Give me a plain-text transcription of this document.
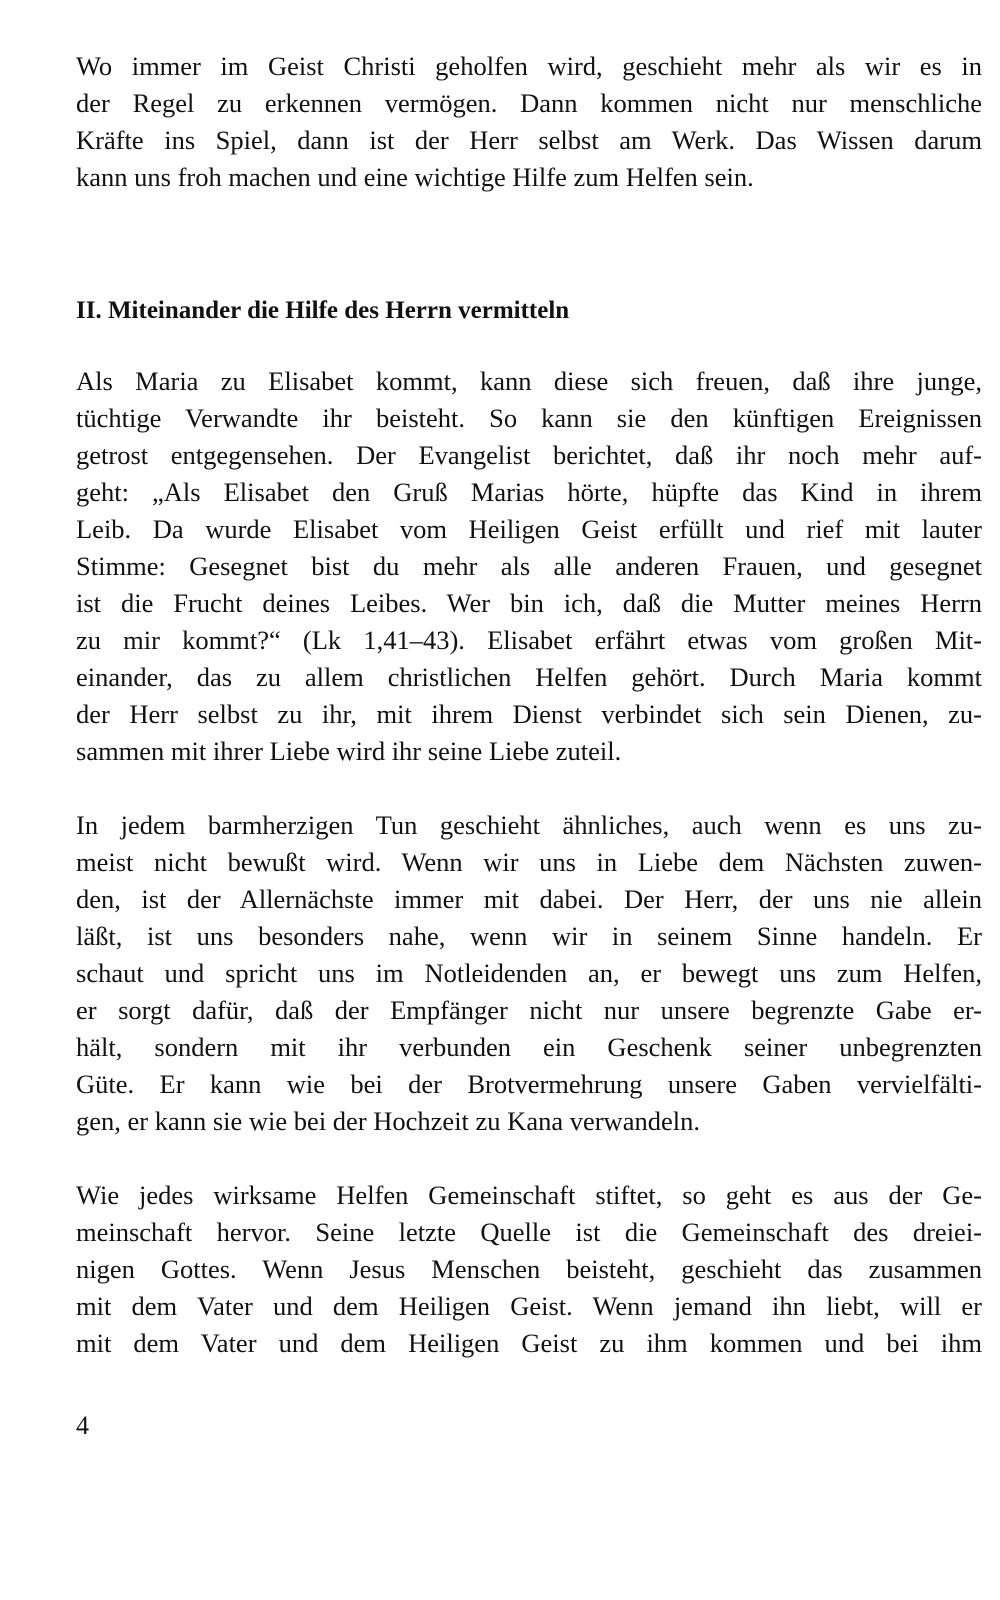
Wo immer im Geist Christi geholfen wird, geschieht mehr als wir es in
der Regel zu erkennen vermögen. Dann kommen nicht nur menschliche
Kräfte ins Spiel, dann ist der Herr selbst am Werk. Das Wissen darum
kann uns froh machen und eine wichtige Hilfe zum Helfen sein.
II. Miteinander die Hilfe des Herrn vermitteln
Als Maria zu Elisabet kommt, kann diese sich freuen, daß ihre junge,
tüchtige Verwandte ihr beisteht. So kann sie den künftigen Ereignissen
getrost entgegensehen. Der Evangelist berichtet, daß ihr noch mehr auf-
geht: „Als Elisabet den Gruß Marias hörte, hüpfte das Kind in ihrem
Leib. Da wurde Elisabet vom Heiligen Geist erfüllt und rief mit lauter
Stimme: Gesegnet bist du mehr als alle anderen Frauen, und gesegnet
ist die Frucht deines Leibes. Wer bin ich, daß die Mutter meines Herrn
zu mir kommt?“ (Lk 1,41–43). Elisabet erfährt etwas vom großen Mit-
einander, das zu allem christlichen Helfen gehört. Durch Maria kommt
der Herr selbst zu ihr, mit ihrem Dienst verbindet sich sein Dienen, zu-
sammen mit ihrer Liebe wird ihr seine Liebe zuteil.
In jedem barmherzigen Tun geschieht ähnliches, auch wenn es uns zu-
meist nicht bewußt wird. Wenn wir uns in Liebe dem Nächsten zuwen-
den, ist der Allernächste immer mit dabei. Der Herr, der uns nie allein
läßt, ist uns besonders nahe, wenn wir in seinem Sinne handeln. Er
schaut und spricht uns im Notleidenden an, er bewegt uns zum Helfen,
er sorgt dafür, daß der Empfänger nicht nur unsere begrenzte Gabe er-
hält, sondern mit ihr verbunden ein Geschenk seiner unbegrenzten
Güte. Er kann wie bei der Brotvermehrung unsere Gaben vervielfälti-
gen, er kann sie wie bei der Hochzeit zu Kana verwandeln.
Wie jedes wirksame Helfen Gemeinschaft stiftet, so geht es aus der Ge-
meinschaft hervor. Seine letzte Quelle ist die Gemeinschaft des dreiei-
nigen Gottes. Wenn Jesus Menschen beisteht, geschieht das zusammen
mit dem Vater und dem Heiligen Geist. Wenn jemand ihn liebt, will er
mit dem Vater und dem Heiligen Geist zu ihm kommen und bei ihm
4
